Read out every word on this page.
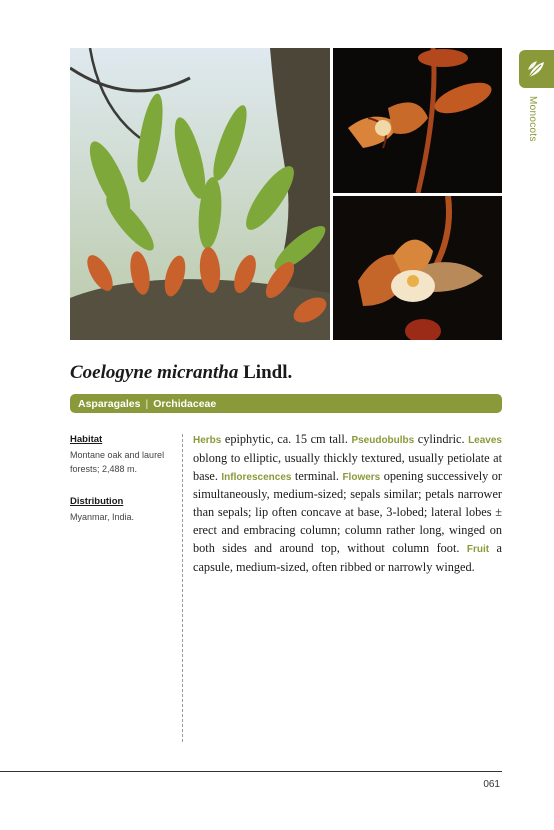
Monocots
Coelogyne micrantha Lindl.
Asparagales | Orchidaceae
Habitat
Montane oak and laurel forests; 2,488 m.
Distribution
Myanmar, India.

Herbs epiphytic, ca. 15 cm tall. Pseudobulbs cylindric. Leaves oblong to elliptic, usually thickly textured, usually petiolate at base. Inflorescences terminal. Flowers opening successively or simultaneously, medium-sized; sepals similar; petals narrower than sepals; lip often concave at base, 3-lobed; lateral lobes ± erect and embracing column; column rather long, winged on both sides and around top, without column foot. Fruit a capsule, medium-sized, often ribbed or narrowly winged.

061
